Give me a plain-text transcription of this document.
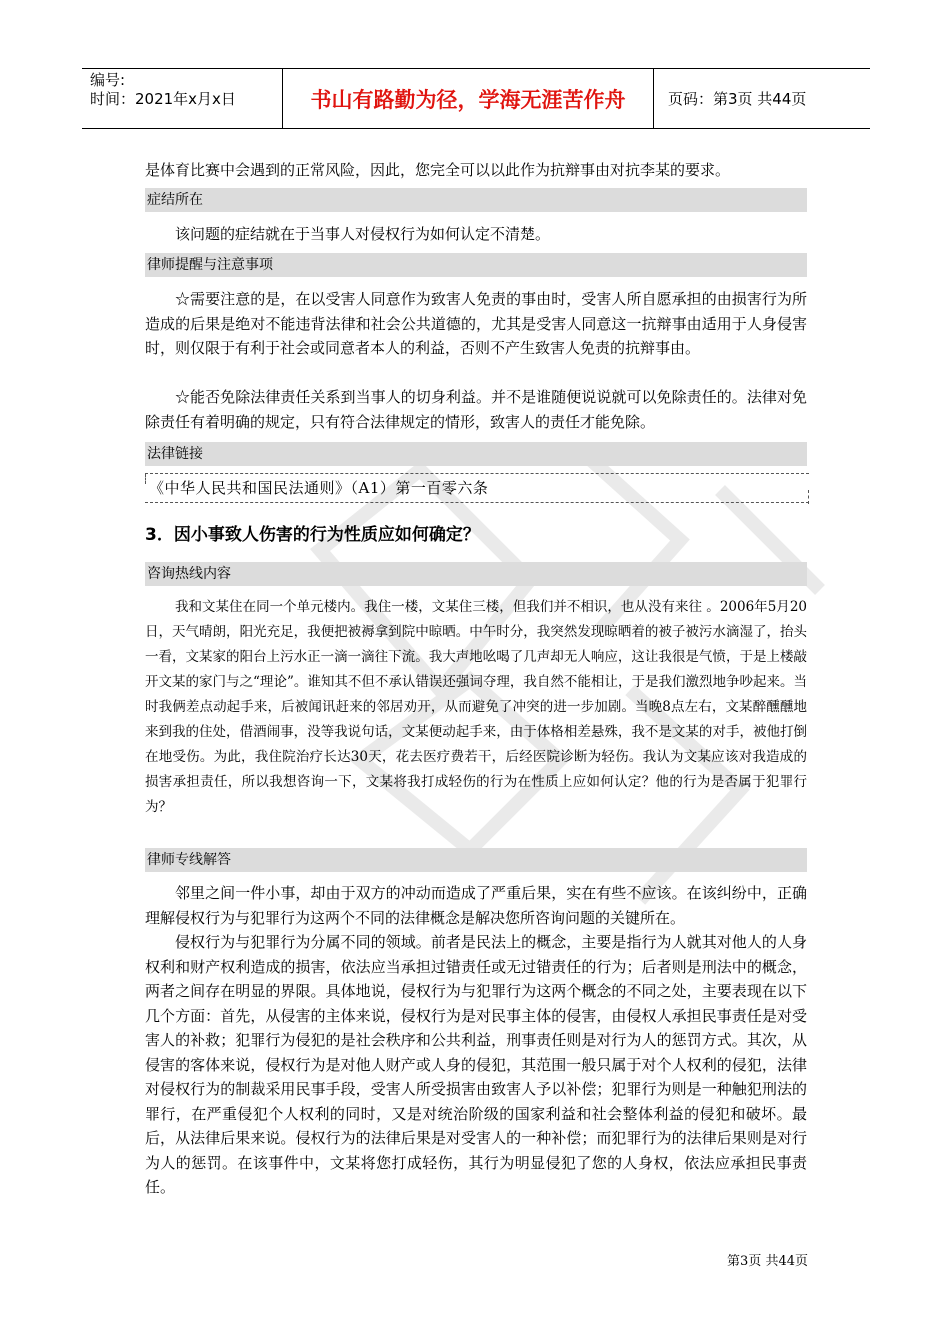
编号:
时间：2021年x月x日	书山有路勤为径，学海无涯苦作舟	页码：第3页 共44页
是体育比赛中会遇到的正常风险，因此，您完全可以以此作为抗辩事由对抗李某的要求。
症结所在
该问题的症结就在于当事人对侵权行为如何认定不清楚。
律师提醒与注意事项
☆需要注意的是，在以受害人同意作为致害人免责的事由时，受害人所自愿承担的由损害行为所造成的后果是绝对不能违背法律和社会公共道德的，尤其是受害人同意这一抗辩事由适用于人身侵害时，则仅限于有利于社会或同意者本人的利益，否则不产生致害人免责的抗辩事由。
☆能否免除法律责任关系到当事人的切身利益。并不是谁随便说说就可以免除责任的。法律对免除责任有着明确的规定，只有符合法律规定的情形，致害人的责任才能免除。
法律链接
《中华人民共和国民法通则》（A1）第一百零六条
3．因小事致人伤害的行为性质应如何确定？
咨询热线内容
我和文某住在同一个单元楼内。我住一楼，文某住三楼，但我们并不相识，也从没有来往 。2006年5月20日，天气晴朗，阳光充足，我便把被褥拿到院中晾晒。中午时分，我突然发现晾晒着的被子被污水滴湿了，抬头一看，文某家的阳台上污水正一滴一滴往下流。我大声地吆喝了几声却无人响应，这让我很是气愤，于是上楼敲开文某的家门与之“理论”。谁知其不但不承认错误还强词夺理，我自然不能相让，于是我们激烈地争吵起来。当时我俩差点动起手来，后被闻讯赶来的邻居劝开，从而避免了冲突的进一步加剧。当晚8点左右，文某醉醺醺地来到我的住处，借酒闹事，没等我说句话，文某便动起手来，由于体格相差悬殊，我不是文某的对手，被他打倒在地受伤。为此，我住院治疗长达30天，花去医疗费若干，后经医院诊断为轻伤。我认为文某应该对我造成的损害承担责任，所以我想咨询一下，文某将我打成轻伤的行为在性质上应如何认定？他的行为是否属于犯罪行为？
律师专线解答
邻里之间一件小事，却由于双方的冲动而造成了严重后果，实在有些不应该。在该纠纷中，正确理解侵权行为与犯罪行为这两个不同的法律概念是解决您所咨询问题的关键所在。
侵权行为与犯罪行为分属不同的领域。前者是民法上的概念，主要是指行为人就其对他人的人身权利和财产权利造成的损害，依法应当承担过错责任或无过错责任的行为；后者则是刑法中的概念，两者之间存在明显的界限。具体地说，侵权行为与犯罪行为这两个概念的不同之处，主要表现在以下几个方面：首先，从侵害的主体来说，侵权行为是对民事主体的侵害，由侵权人承担民事责任是对受害人的补救；犯罪行为侵犯的是社会秩序和公共利益，刑事责任则是对行为人的惩罚方式。其次，从侵害的客体来说，侵权行为是对他人财产或人身的侵犯，其范围一般只属于对个人权利的侵犯，法律对侵权行为的制裁采用民事手段，受害人所受损害由致害人予以补偿；犯罪行为则是一种触犯刑法的罪行，在严重侵犯个人权利的同时，又是对统治阶级的国家利益和社会整体利益的侵犯和破坏。最后，从法律后果来说。侵权行为的法律后果是对受害人的一种补偿；而犯罪行为的法律后果则是对行为人的惩罚。在该事件中，文某将您打成轻伤，其行为明显侵犯了您的人身权，依法应承担民事责任。
第3页 共44页
